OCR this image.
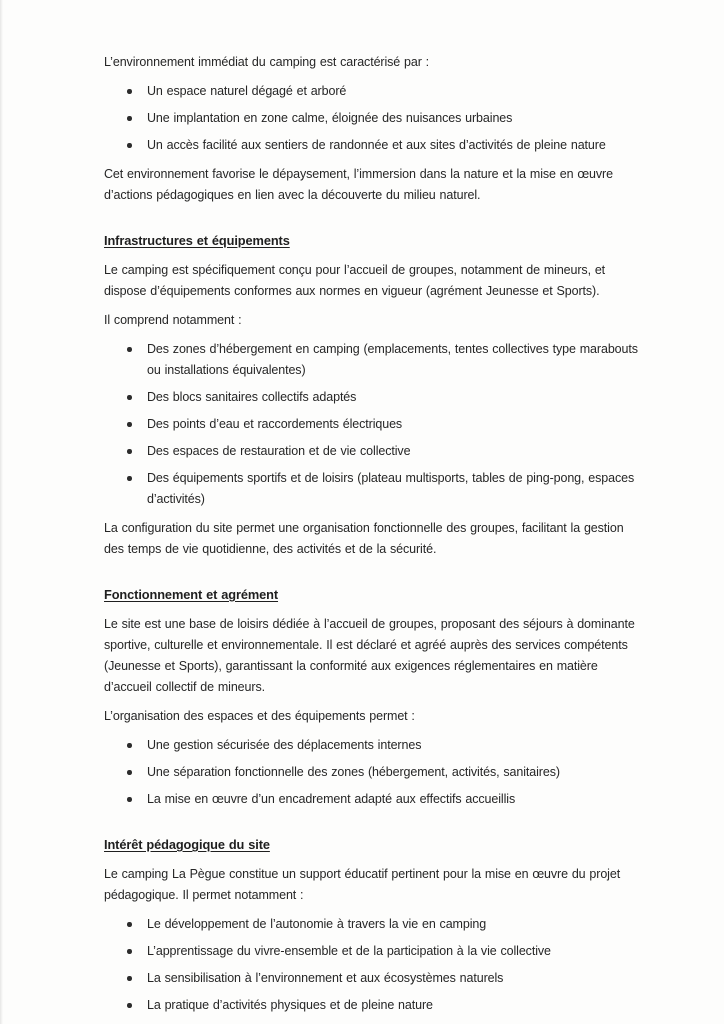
L’environnement immédiat du camping est caractérisé par :

Un espace naturel dégagé et arboré
Une implantation en zone calme, éloignée des nuisances urbaines
Un accès facilité aux sentiers de randonnée et aux sites d’activités de pleine nature

Cet environnement favorise le dépaysement, l’immersion dans la nature et la mise en œuvre d’actions pédagogiques en lien avec la découverte du milieu naturel.

Infrastructures et équipements

Le camping est spécifiquement conçu pour l’accueil de groupes, notamment de mineurs, et dispose d’équipements conformes aux normes en vigueur (agrément Jeunesse et Sports).

Il comprend notamment :

Des zones d’hébergement en camping (emplacements, tentes collectives type marabouts ou installations équivalentes)
Des blocs sanitaires collectifs adaptés
Des points d’eau et raccordements électriques
Des espaces de restauration et de vie collective
Des équipements sportifs et de loisirs (plateau multisports, tables de ping-pong, espaces d’activités)

La configuration du site permet une organisation fonctionnelle des groupes, facilitant la gestion des temps de vie quotidienne, des activités et de la sécurité.

Fonctionnement et agrément

Le site est une base de loisirs dédiée à l’accueil de groupes, proposant des séjours à dominante sportive, culturelle et environnementale. Il est déclaré et agréé auprès des services compétents (Jeunesse et Sports), garantissant la conformité aux exigences réglementaires en matière d’accueil collectif de mineurs.

L’organisation des espaces et des équipements permet :

Une gestion sécurisée des déplacements internes
Une séparation fonctionnelle des zones (hébergement, activités, sanitaires)
La mise en œuvre d’un encadrement adapté aux effectifs accueillis
Intérêt pédagogique du site

Le camping La Pègue constitue un support éducatif pertinent pour la mise en œuvre du projet pédagogique. Il permet notamment :

Le développement de l’autonomie à travers la vie en camping
L’apprentissage du vivre-ensemble et de la participation à la vie collective
La sensibilisation à l’environnement et aux écosystèmes naturels
La pratique d’activités physiques et de pleine nature
